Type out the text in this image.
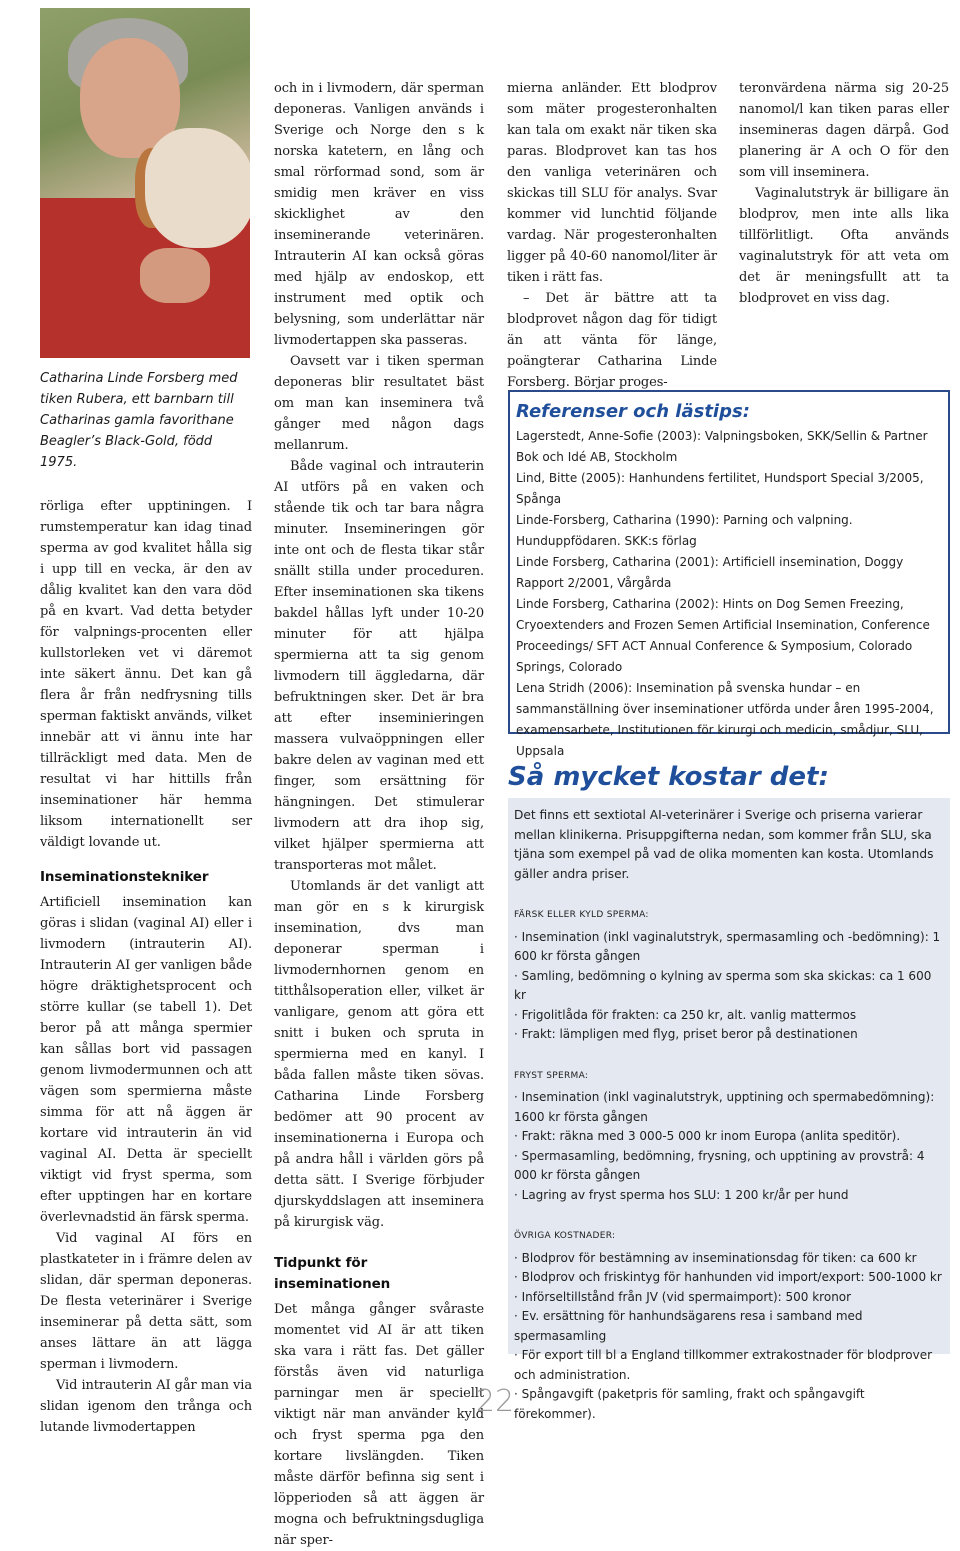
Catharina Linde Forsberg med tiken Rubera, ett barnbarn till Catharinas gamla favorithane Beagler’s Black-Gold, född 1975.

rörliga efter upptiningen. I rumstemperatur kan idag tinad sperma av god kvalitet hålla sig i upp till en vecka, är den av dålig kvalitet kan den vara död på en kvart. Vad detta betyder för valpnings-procenten eller kullstorleken vet vi däremot inte säkert ännu. Det kan gå flera år från nedfrysning tills sperman faktiskt används, vilket innebär att vi ännu inte har tillräckligt med data. Men de resultat vi har hittills från inseminationer här hemma liksom internationellt ser väldigt lovande ut.

Inseminationstekniker

Artificiell insemination kan göras i slidan (vaginal AI) eller i livmodern (intrauterin AI). Intrauterin AI ger vanligen både högre dräktighetsprocent och större kullar (se tabell 1). Det beror på att många spermier kan sållas bort vid passagen genom livmodermunnen och att vägen som spermierna måste simma för att nå äggen är kortare vid intrauterin än vid vaginal AI. Detta är speciellt viktigt vid fryst sperma, som efter upptingen har en kortare överlevnadstid än färsk sperma.

Vid vaginal AI förs en plastkateter in i främre delen av slidan, där sperman deponeras. De flesta veterinärer i Sverige inseminerar på detta sätt, som anses lättare än att lägga sperman i livmodern.

Vid intrauterin AI går man via slidan igenom den trånga och lutande livmodertappen

och in i livmodern, där sperman deponeras. Vanligen används i Sverige och Norge den s k norska katetern, en lång och smal rörformad sond, som är smidig men kräver en viss skicklighet av den inseminerande veterinären. Intrauterin AI kan också göras med hjälp av endoskop, ett instrument med optik och belysning, som underlättar när livmodertappen ska passeras.

Oavsett var i tiken sperman deponeras blir resultatet bäst om man kan inseminera två gånger med någon dags mellanrum.

Både vaginal och intrauterin AI utförs på en vaken och stående tik och tar bara några minuter. Insemineringen gör inte ont och de flesta tikar står snällt stilla under proceduren. Efter inseminationen ska tikens bakdel hållas lyft under 10-20 minuter för att hjälpa spermierna att ta sig genom livmodern till äggledarna, där befruktningen sker. Det är bra att efter inseminieringen massera vulvaöppningen eller bakre delen av vaginan med ett finger, som ersättning för hängningen. Det stimulerar livmodern att dra ihop sig, vilket hjälper spermierna att transporteras mot målet.

Utomlands är det vanligt att man gör en s k kirurgisk insemination, dvs man deponerar sperman i livmodernhornen genom en titthålsoperation eller, vilket är vanligare, genom att göra ett snitt i buken och spruta in spermierna med en kanyl. I båda fallen måste tiken sövas. Catharina Linde Forsberg bedömer att 90 procent av inseminationerna i Europa och på andra håll i världen görs på detta sätt. I Sverige förbjuder djurskyddslagen att inseminera på kirurgisk väg.

Tidpunkt för inseminationen

Det många gånger svåraste momentet vid AI är att tiken ska vara i rätt fas. Det gäller förstås även vid naturliga parningar men är speciellt viktigt när man använder kyld och fryst sperma pga den kortare livslängden. Tiken måste därför befinna sig sent i löpperioden så att äggen är mogna och befruktningsdugliga när sper-

mierna anländer. Ett blodprov som mäter progesteronhalten kan tala om exakt när tiken ska paras. Blodprovet kan tas hos den vanliga veterinären och skickas till SLU för analys. Svar kommer vid lunchtid följande vardag. När progesteronhalten ligger på 40-60 nanomol/liter är tiken i rätt fas.

– Det är bättre att ta blodprovet någon dag för tidigt än att vänta för länge, poängterar Catharina Linde Forsberg. Börjar proges-

teronvärdena närma sig 20-25 nanomol/l kan tiken paras eller insemineras dagen därpå. God planering är A och O för den som vill inseminera.

Vaginalutstryk är billigare än blodprov, men inte alls lika tillförlitligt. Ofta används vaginalutstryk för att veta om det är meningsfullt att ta blodprovet en viss dag.

Referenser och lästips:

Lagerstedt, Anne-Sofie (2003): Valpningsboken, SKK/Sellin & Partner Bok och Idé AB, Stockholm

Lind, Bitte (2005): Hanhundens fertilitet, Hundsport Special 3/2005, Spånga

Linde-Forsberg, Catharina (1990): Parning och valpning. Hunduppfödaren. SKK:s förlag

Linde Forsberg, Catharina (2001): Artificiell insemination, Doggy Rapport 2/2001, Vårgårda

Linde Forsberg, Catharina (2002): Hints on Dog Semen Freezing, Cryoextenders and Frozen Semen Artificial Insemination, Conference Proceedings/ SFT ACT Annual Conference & Symposium, Colorado Springs, Colorado

Lena Stridh (2006): Insemination på svenska hundar – en sammanställning över inseminationer utförda under åren 1995-2004, examensarbete, Institutionen för kirurgi och medicin, smådjur, SLU, Uppsala

Så mycket kostar det:

Det finns ett sextiotal AI-veterinärer i Sverige och priserna varierar mellan klinikerna. Prisuppgifterna nedan, som kommer från SLU, ska tjäna som exempel på vad de olika momenten kan kosta. Utomlands gäller andra priser.

FÄRSK ELLER KYLD SPERMA:

· Insemination (inkl vaginalutstryk, spermasamling och -bedömning): 1 600 kr första gången

· Samling, bedömning o kylning av sperma som ska skickas: ca 1 600 kr

· Frigolitlåda för frakten: ca 250 kr, alt. vanlig mattermos

· Frakt: lämpligen med flyg, priset beror på destinationen

FRYST SPERMA:

· Insemination (inkl vaginalutstryk, upptining och spermabedömning): 1600 kr första gången

· Frakt: räkna med 3 000-5 000 kr inom Europa (anlita speditör).

· Spermasamling, bedömning, frysning, och upptining av provstrå: 4 000 kr första gången

· Lagring av fryst sperma hos SLU: 1 200 kr/år per hund

ÖVRIGA KOSTNADER:

· Blodprov för bestämning av inseminationsdag för tiken: ca 600 kr

· Blodprov och friskintyg för hanhunden vid import/export: 500-1000 kr

· Införseltillstånd från JV (vid spermaimport): 500 kronor

· Ev. ersättning för hanhundsägarens resa i samband med spermasamling

· För export till bl a England tillkommer extrakostnader för blodprover och administration.

· Spångavgift (paketpris för samling, frakt och spångavgift förekommer).

22
